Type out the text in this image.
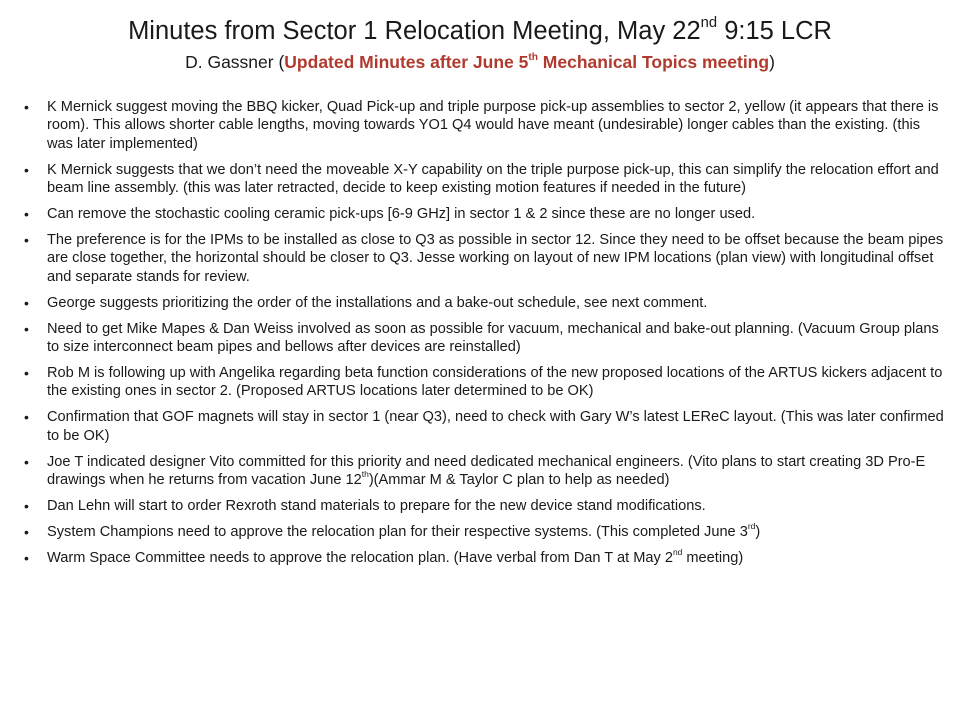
Minutes from Sector 1 Relocation Meeting, May 22nd 9:15 LCR
D. Gassner (Updated Minutes after June 5th Mechanical Topics meeting)
• K Mernick suggest moving the BBQ kicker, Quad Pick-up and triple purpose pick-up assemblies to sector 2, yellow (it appears that there is room). This allows shorter cable lengths, moving towards YO1 Q4 would have meant (undesirable) longer cables than the existing. (this was later implemented)
• K Mernick suggests that we don’t need the moveable X-Y capability on the triple purpose pick-up, this can simplify the relocation effort and beam line assembly. (this was later retracted, decide to keep existing motion features if needed in the future)
• Can remove the stochastic cooling ceramic pick-ups [6-9 GHz] in sector 1 & 2 since these are no longer used.
• The preference is for the IPMs to be installed as close to Q3 as possible in sector 12. Since they need to be offset because the beam pipes are close together, the horizontal should be closer to Q3. Jesse working on layout of new IPM locations (plan view) with longitudinal offset and separate stands for review.
• George suggests prioritizing the order of the installations and a bake-out schedule, see next comment.
• Need to get Mike Mapes & Dan Weiss involved as soon as possible for vacuum, mechanical and bake-out planning. (Vacuum Group plans to size interconnect beam pipes and bellows after devices are reinstalled)
• Rob M is following up with Angelika regarding beta function considerations of the new proposed locations of the ARTUS kickers adjacent to the existing ones in sector 2. (Proposed ARTUS locations later determined to be OK)
• Confirmation that GOF magnets will stay in sector 1 (near Q3), need to check with Gary W’s latest LEReC layout. (This was later confirmed to be OK)
• Joe T indicated designer Vito committed for this priority and need dedicated mechanical engineers. (Vito plans to start creating 3D Pro-E drawings when he returns from vacation June 12th)(Ammar M & Taylor C plan to help as needed)
• Dan Lehn will start to order Rexroth stand materials to prepare for the new device stand modifications.
• System Champions need to approve the relocation plan for their respective systems. (This completed June 3rd)
• Warm Space Committee needs to approve the relocation plan. (Have verbal from Dan T at May 2nd meeting)
